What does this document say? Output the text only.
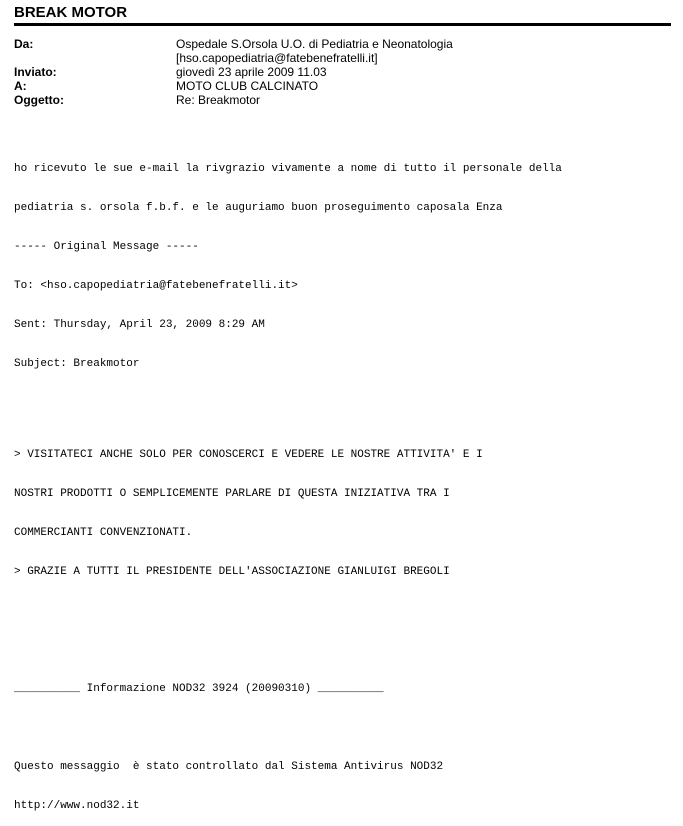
BREAK MOTOR
Da:	Ospedale S.Orsola U.O. di Pediatria e Neonatologia
[hso.capopediatria@fatebenefratelli.it]
Inviato:	giovedì 23 aprile 2009 11.03
A:	MOTO CLUB CALCINATO
Oggetto:	Re: Breakmotor

ho ricevuto le sue e-mail la rivgrazio vivamente a nome di tutto il personale della

pediatria s. orsola f.b.f. e le auguriamo buon proseguimento caposala Enza

----- Original Message -----

To: <hso.capopediatria@fatebenefratelli.it>

Sent: Thursday, April 23, 2009 8:29 AM

Subject: Breakmotor

> VISITATECI ANCHE SOLO PER CONOSCERCI E VEDERE LE NOSTRE ATTIVITA' E I

NOSTRI PRODOTTI O SEMPLICEMENTE PARLARE DI QUESTA INIZIATIVA TRA I

COMMERCIANTI CONVENZIONATI.

> GRAZIE A TUTTI IL PRESIDENTE DELL'ASSOCIAZIONE GIANLUIGI BREGOLI

__________ Informazione NOD32 3924 (20090310) __________

Questo messaggio  è stato controllato dal Sistema Antivirus NOD32

http://www.nod32.it
